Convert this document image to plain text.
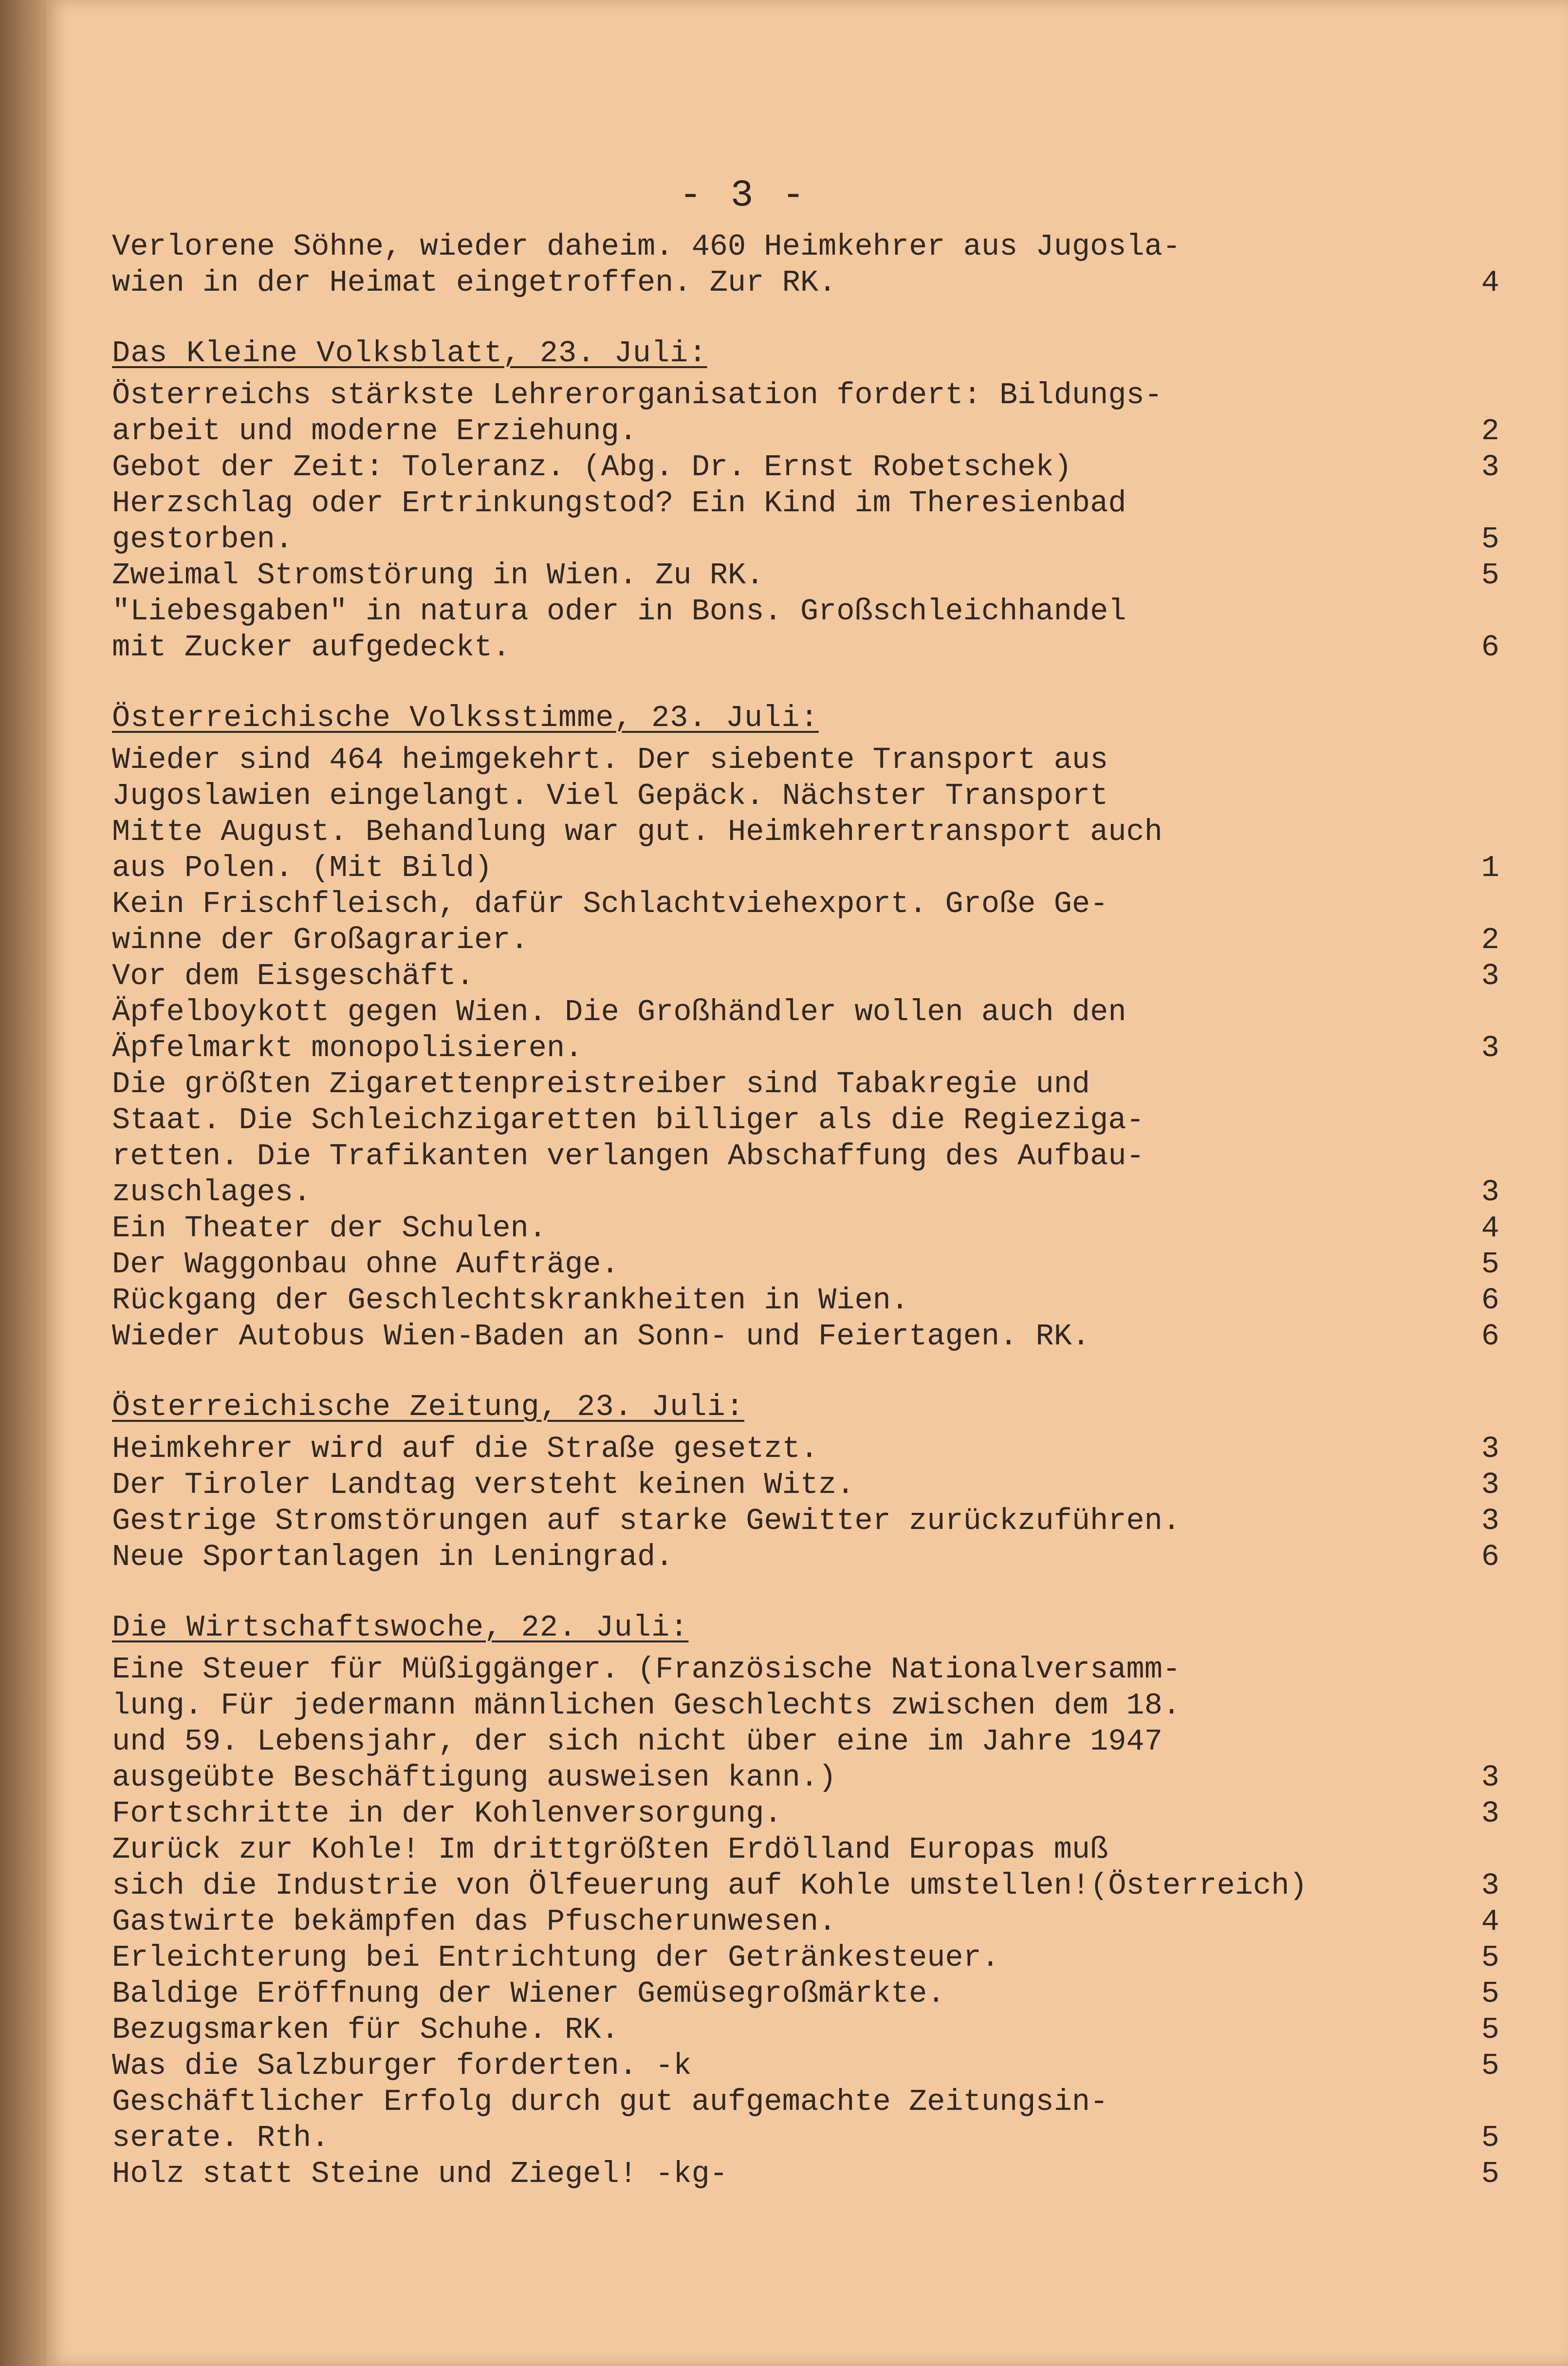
- 3 -
Verlorene Söhne, wieder daheim. 460 Heimkehrer aus Jugosla-
wien in der Heimat eingetroffen. Zur RK.	4
Das Kleine Volksblatt, 23. Juli:
Österreichs stärkste Lehrerorganisation fordert: Bildungs-
arbeit und moderne Erziehung.	2
Gebot der Zeit: Toleranz. (Abg. Dr. Ernst Robetschek)	3
Herzschlag oder Ertrinkungstod? Ein Kind im Theresienbad
gestorben.	5
Zweimal Stromstörung in Wien. Zu RK.	5
"Liebesgaben" in natura oder in Bons. Großschleichhandel
mit Zucker aufgedeckt.	6
Österreichische Volksstimme, 23. Juli:
Wieder sind 464 heimgekehrt. Der siebente Transport aus
Jugoslawien eingelangt. Viel Gepäck. Nächster Transport
Mitte August. Behandlung war gut. Heimkehrertransport auch
aus Polen. (Mit Bild)	1
Kein Frischfleisch, dafür Schlachtviehexport. Große Ge-
winne der Großagrarier.	2
Vor dem Eisgeschäft.	3
Äpfelboykott gegen Wien. Die Großhändler wollen auch den
Äpfelmarkt monopolisieren.	3
Die größten Zigarettenpreistreiber sind Tabakregie und
Staat. Die Schleichzigaretten billiger als die Regieziga-
retten. Die Trafikanten verlangen Abschaffung des Aufbau-
zuschlages.	3
Ein Theater der Schulen.	4
Der Waggonbau ohne Aufträge.	5
Rückgang der Geschlechtskrankheiten in Wien.	6
Wieder Autobus Wien-Baden an Sonn- und Feiertagen. RK.	6
Österreichische Zeitung, 23. Juli:
Heimkehrer wird auf die Straße gesetzt.	3
Der Tiroler Landtag versteht keinen Witz.	3
Gestrige Stromstörungen auf starke Gewitter zurückzuführen.	3
Neue Sportanlagen in Leningrad.	6
Die Wirtschaftswoche, 22. Juli:
Eine Steuer für Müßiggänger. (Französische Nationalversamm-
lung. Für jedermann männlichen Geschlechts zwischen dem 18.
und 59. Lebensjahr, der sich nicht über eine im Jahre 1947
ausgeübte Beschäftigung ausweisen kann.)	3
Fortschritte in der Kohlenversorgung.	3
Zurück zur Kohle! Im drittgrößten Erdölland Europas muß
sich die Industrie von Ölfeuerung auf Kohle umstellen!(Österreich)	3
Gastwirte bekämpfen das Pfuscherunwesen.	4
Erleichterung bei Entrichtung der Getränkesteuer.	5
Baldige Eröffnung der Wiener Gemüsegroßmärkte.	5
Bezugsmarken für Schuhe. RK.	5
Was die Salzburger forderten. -k	5
Geschäftlicher Erfolg durch gut aufgemachte Zeitungsin-
serate. Rth.	5
Holz statt Steine und Ziegel! -kg-	5
